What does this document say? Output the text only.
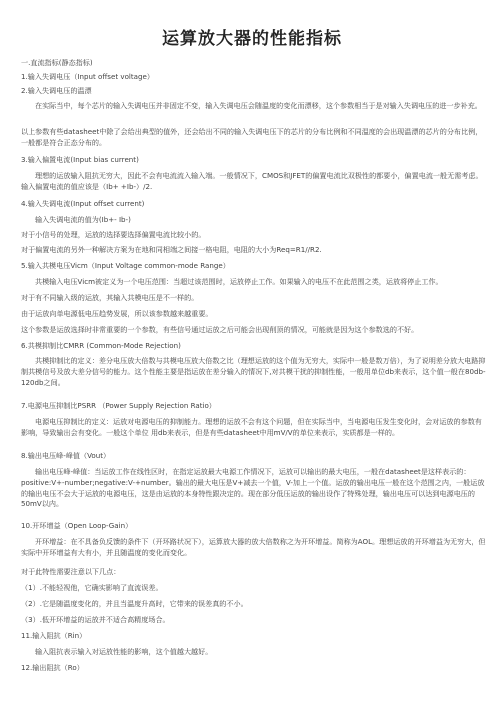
运算放大器的性能指标
一.直流指标(静态指标)
1.输入失调电压（Input offset voltage）
2.输入失调电压的温漂
在实际当中，每个芯片的输入失调电压并非固定不变，输入失调电压会随温度的变化而漂移，这个参数相当于是对输入失调电压的进一步补充。
以上参数有些datasheet中除了会给出典型的值外，还会给出不同的输入失调电压下的芯片的分布比例和不同温度的会出现温漂的芯片的分布比例，一般都是符合正态分布的。
3.输入偏置电流(Input bias current)
理想的运放输入阻抗无穷大，因此不会有电流流入输入端。一般情况下，CMOS和JFET的偏置电流比双极性的都要小，偏置电流一般无需考虑。输入偏置电流的值应该是（Ib+ +Ib-）/2.
4.输入失调电流(Input offset current)
输入失调电流的值为(Ib+- Ib-)
对于小信号的处理，运放的选择要选择偏置电流比较小的。
对于偏置电流的另外一种解决方案为在地和同相端之间接一格电阻，电阻的大小为Req=R1//R2.
5.输入共模电压Vicm（Input Voltage common-mode Range）
共模输入电压Vicm被定义为一个电压范围：当超过该范围时，运放停止工作。如果输入的电压不在此范围之类，运放将停止工作。
对于有不同输入级的运放，其输入共模电压是不一样的。
由于运放向单电源低电压趋势发展，所以该参数越来越重要。
这个参数是运放选择时非常重要的一个参数，有些信号通过运放之后可能会出现削顶的情况，可能就是因为这个参数选的不好。
6.共模抑制比CMRR (Common-Mode Rejection)
共模抑制比的定义：差分电压放大倍数与共模电压放大倍数之比（理想运放的这个值为无穷大，实际中一般是数万倍），为了说明差分放大电路抑制共模信号及放大差分信号的能力。这个性能主要是指运放在差分输入的情况下,对共模干扰的抑制性能，一般用单位db来表示，这个值一般在80db-120db之间。
7.电源电压抑制比PSRR （Power Supply Rejection Ratio）
电源电压抑制比的定义：运放对电源电压的抑制能力。理想的运放不会有这个问题，但在实际当中，当电源电压发生变化时，会对运放的参数有影响，导致输出会有变化。一般这个单位 用db来表示，但是有些datasheet中用mV/V的单位来表示，实质都是一样的。
8.输出电压峰-峰值（Vout）
输出电压峰-峰值：当运放工作在线性区时，在指定运放最大电源工作情况下，运放可以输出的最大电压，一般在datasheet是这样表示的：positive:V+-number;negative:V-+number。输出的最大电压是V+减去一个值，V-加上一个值。运放的输出电压一般在这个范围之内，一般运放的输出电压不会大于运放的电源电压，这是由运放的本身特性跟决定的。现在部分低压运放的输出设作了特殊处理，输出电压可以达到电源电压的50mV以内。
10.开环增益（Open Loop-Gain）
开环增益：在不具备负反馈的条件下（开环路状况下），运算放大器的放大倍数称之为开环增益。简称为AOL。理想运放的开环增益为无穷大，但实际中开环增益有大有小，并且随温度的变化而变化。
对于此特性需要注意以下几点：
（1）.不能轻视他，它确实影响了直流误差。
（2）.它是随温度变化的，并且当温度升高时，它带来的误差真的不小。
（3）.低开环增益的运放并不适合高精度场合。
11.输入阻抗（Rin）
输入阻抗表示输入对运放性能的影响，这个值越大越好。
12.输出阻抗（Ro）
